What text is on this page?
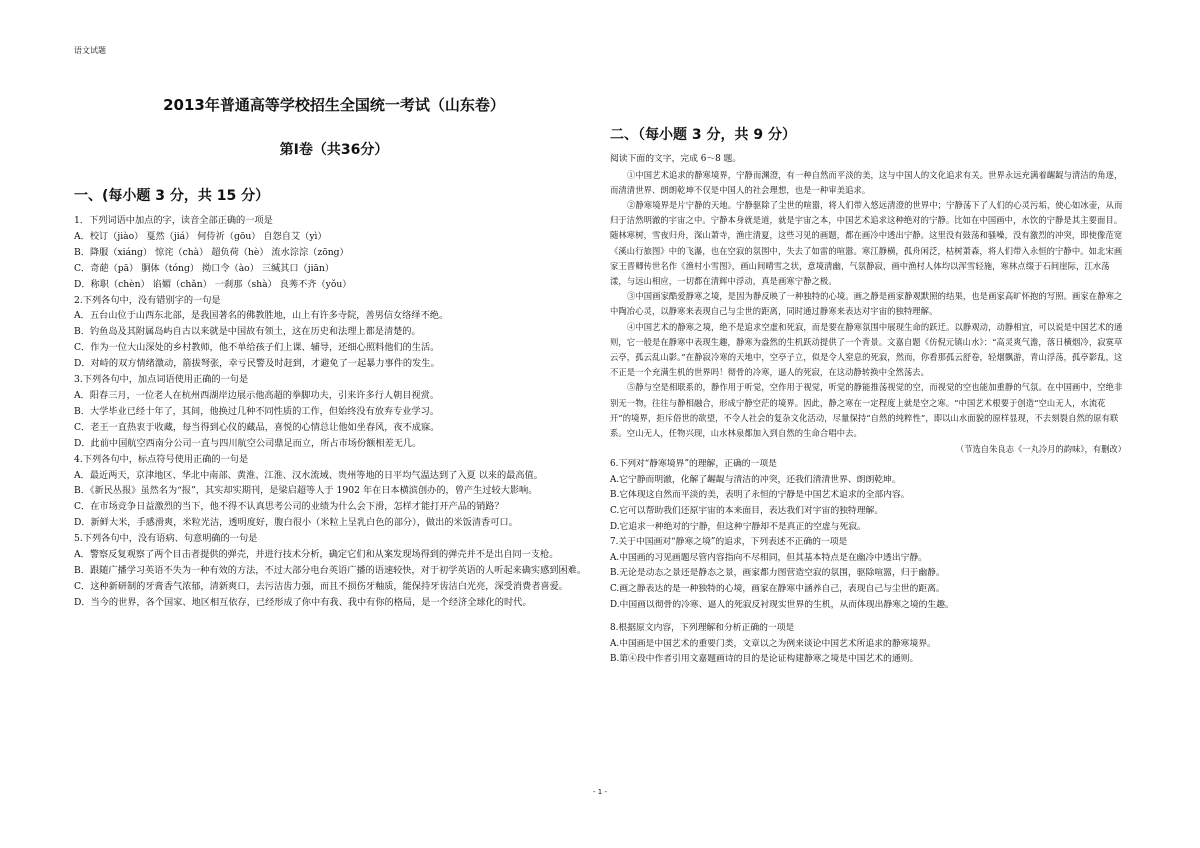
语文试题
2013年普通高等学校招生全国统一考试（山东卷）
第Ⅰ卷（共36分）
一、(每小题 3 分，共 15 分）
1．下列词语中加点的字，读音全部正确的一项是
A．校订（jiào） 戛然（jiá） 何侍祈（gōu） 自怨自艾（yì）
B．降服（xiáng） 惊诧（chà） 超负荷（hè） 流水淙淙（zōng）
C．奇葩（pā） 胴体（tóng） 拗口令（ào） 三缄其口（jiān）
D．称职（chèn） 谄媚（chǎn） 一刹那（shà） 良莠不齐（yǒu）
2.下列各句中，没有错别字的一句是
A．五台山位于山西东北部，是我国著名的佛教胜地，山上有许多寺院，善男信女络绎不绝。
B．钓鱼岛及其附属岛屿自古以来就是中国故有领土，这在历史和法理上都是清楚的。
C．作为一位大山深处的乡村教师，他不单给孩子们上课、辅导，还细心照料他们的生活。
D．对峙的双方情绪激动，箭拔弩张，幸亏民警及时赶到，才避免了一起暴力事件的发生。
3.下列各句中，加点词语使用正确的一句是
A．阳春三月，一位老人在杭州西湖岸边展示他高超的拳脚功夫，引来许多行人朝目视赏。
B．大学毕业已经十年了，其间，他换过几种不同性质的工作，但始终没有放弃专业学习。
C．老王一直热衷于收藏，每当得到心仪的藏品，喜悦的心情总让他如坐春风，夜不成寐。
D．此前中国航空西南分公司一直与四川航空公司鼎足而立，所占市场份额相差无几。
4.下列各句中，标点符号使用正确的一句是
A．最近两天，京津地区、华北中南部、黄淮、江淮、汉水流域、贵州等地的日平均气温达到了入夏 以来的最高值。
B．《新民丛报》虽然名为“报”，其实却实期刊，是梁启超等人于 1902 年在日本横滨创办的，曾产生过较大影响。
C．在市场竞争日益激烈的当下，他不得不认真思考公司的业绩为什么会下滑，怎样才能打开产品的销路？
D．新鲜大米，手感滑爽，米粒光洁，透明度好，腹白很小（米粒上呈乳白色的部分），做出的米饭清香可口。
5.下列各句中，没有语病、句意明确的一句是
A．警察反复观察了两个目击者提供的弹壳，并进行技术分析，确定它们和从案发现场得到的弹壳并不是出自同一支枪。
B．跟随广播学习英语不失为一种有效的方法，不过大部分电台英语广播的语速较快，对于初学英语的人听起来确实感到困难。
C．这种新研制的牙膏香气浓郁，清新爽口，去污洁齿力强，而且不损伤牙釉质，能保持牙齿洁白光亮，深受消费者喜爱。
D．当今的世界，各个国家、地区相互依存，已经形成了你中有我、我中有你的格局，是一个经济全球化的时代。
二、（每小题 3 分，共 9 分）
阅读下面的文字，完成 6～8 题。

①中国艺术追求的静寒境界，宁静而渊澄，有一种自然而平淡的美，这与中国人的文化追求有关。世界永远充满着龌龊与清洁的角逐，而清清世界、朗朗乾坤不仅是中国人的社会理想，也是一种审美追求。

②静寒境界是片宁静的天地。宁静驱除了尘世的喧嚣，将人们带入悠远清澄的世界中；宁静荡下了人们的心灵污垢，使心如冰壶，从而归于洁然明澈的宇宙之中。宁静本身就是道，就是宇宙之本，中国艺术追求这种绝对的宁静。比如在中国画中，水饮的宁静是其主要面目。随林寒树，雪夜归舟，深山萧寺，渔庄清夏，这些习见的画题，都在画冷中透出宁静。这里没有鼓荡和骚噪，没有激烈的冲突，即使像范宽《溪山行旅图》中的飞瀑，也在空寂的氛围中，失去了如雷的喧嚣。寒江静横，孤舟闲泛，枯树萧森，将人们带入永恒的宁静中。如北宋画家王晋卿传世名作《渔村小雪图》，画山间晴雪之状，意境清幽，气氛静寂，画中渔村人体均以浑雪轻施，寒林点缀于石间崖际，江水荡漾，与远山相应，一切都在清辉中浮动，真是画寒宁静之极。

③中国画家酷爱静寒之境，是因为静反映了一种独特的心境。画之静是画家静观默照的结果，也是画家高旷怀抱的写照。画家在静寒之中陶冶心灵，以静寒来表现自己与尘世的距离，同时通过静寒来表达对宇宙的独特理解。

④中国艺术的静寒之境，绝不是追求空虚和死寂，而是要在静寒氛围中展现生命的跃迁。以静观动，动静相宜，可以说是中国艺术的通则，它一般是在静寒中表现生趣，静寒为盎然的生机跃动提供了一个背景。文嘉自题《仿倪元镇山水》：“高灵爽气澹，落日横烟冷，寂寞草云亭，孤云乱山影。”在静寂冷寒的天地中，空亭子立，似是令人窒息的死寂，然而，你看那孤云舒卷，轻烟飘游，青山浮荡，孤亭影乱，这不正是一个充满生机的世界吗！彻骨的冷寒，逼人的死寂，在这动静转换中全然荡去。

⑤静与空是相联系的，静作用于听觉，空作用于视觉，听觉的静能推荡视觉的空，而视觉的空也能加重静的气氛。在中国画中，空绝非别无一物，往往与静相融合，形成宁静空茫的境界。因此，静之寒在一定程度上就是空之寒。“中国艺术根要于创造“空山无人，水流花开”的境界，拒斥俗世的欲望，不令人社会的复杂文化活动，尽量保持“自然的纯粹性”，即以山水面貌的原样显现，不去刻裂自然的原有联系。空山无人，任物兴现，山水林泉都加入到自然的生命合唱中去。

（节选自朱良志《一丸冷月的韵味》，有删改）
6.下列对“静寒境界”的理解，正确的一项是
A.它宁静而明澈，化解了龌龊与清洁的冲突，还我们清清世界、朗朗乾坤。
B.它体现这自然而平淡的美，表明了永恒的宁静是中国艺术追求的全部内容。
C.它可以帮助我们还原宇宙的本来面目，表达我们对宇宙的独特理解。
D.它追求一种绝对的宁静，但这种宁静却不是真正的空虚与死寂。
7.关于中国画对“静寒之境”的追求，下列表述不正确的一项是
A.中国画的习见画题尽管内容指向不尽相同，但其基本特点是在幽冷中透出宁静。
B.无论是动态之景还是静态之景，画家都力图营造空寂的氛围，驱除喧嚣，归于幽静。
C.画之静表达的是一种独特的心境，画家在静寒中涵养自己，表现自己与尘世的距离。
D.中国画以彻骨的冷寒、逼人的死寂反衬现实世界的生机，从而体现出静寒之境的生趣。
8.根据原文内容，下列理解和分析正确的一项是
A.中国画是中国艺术的重要门类，文章以之为例来谈论中国艺术所追求的静寒境界。
B.第④段中作者引用文嘉题画诗的目的是论证构建静寒之境是中国艺术的通则。
- 1 -
